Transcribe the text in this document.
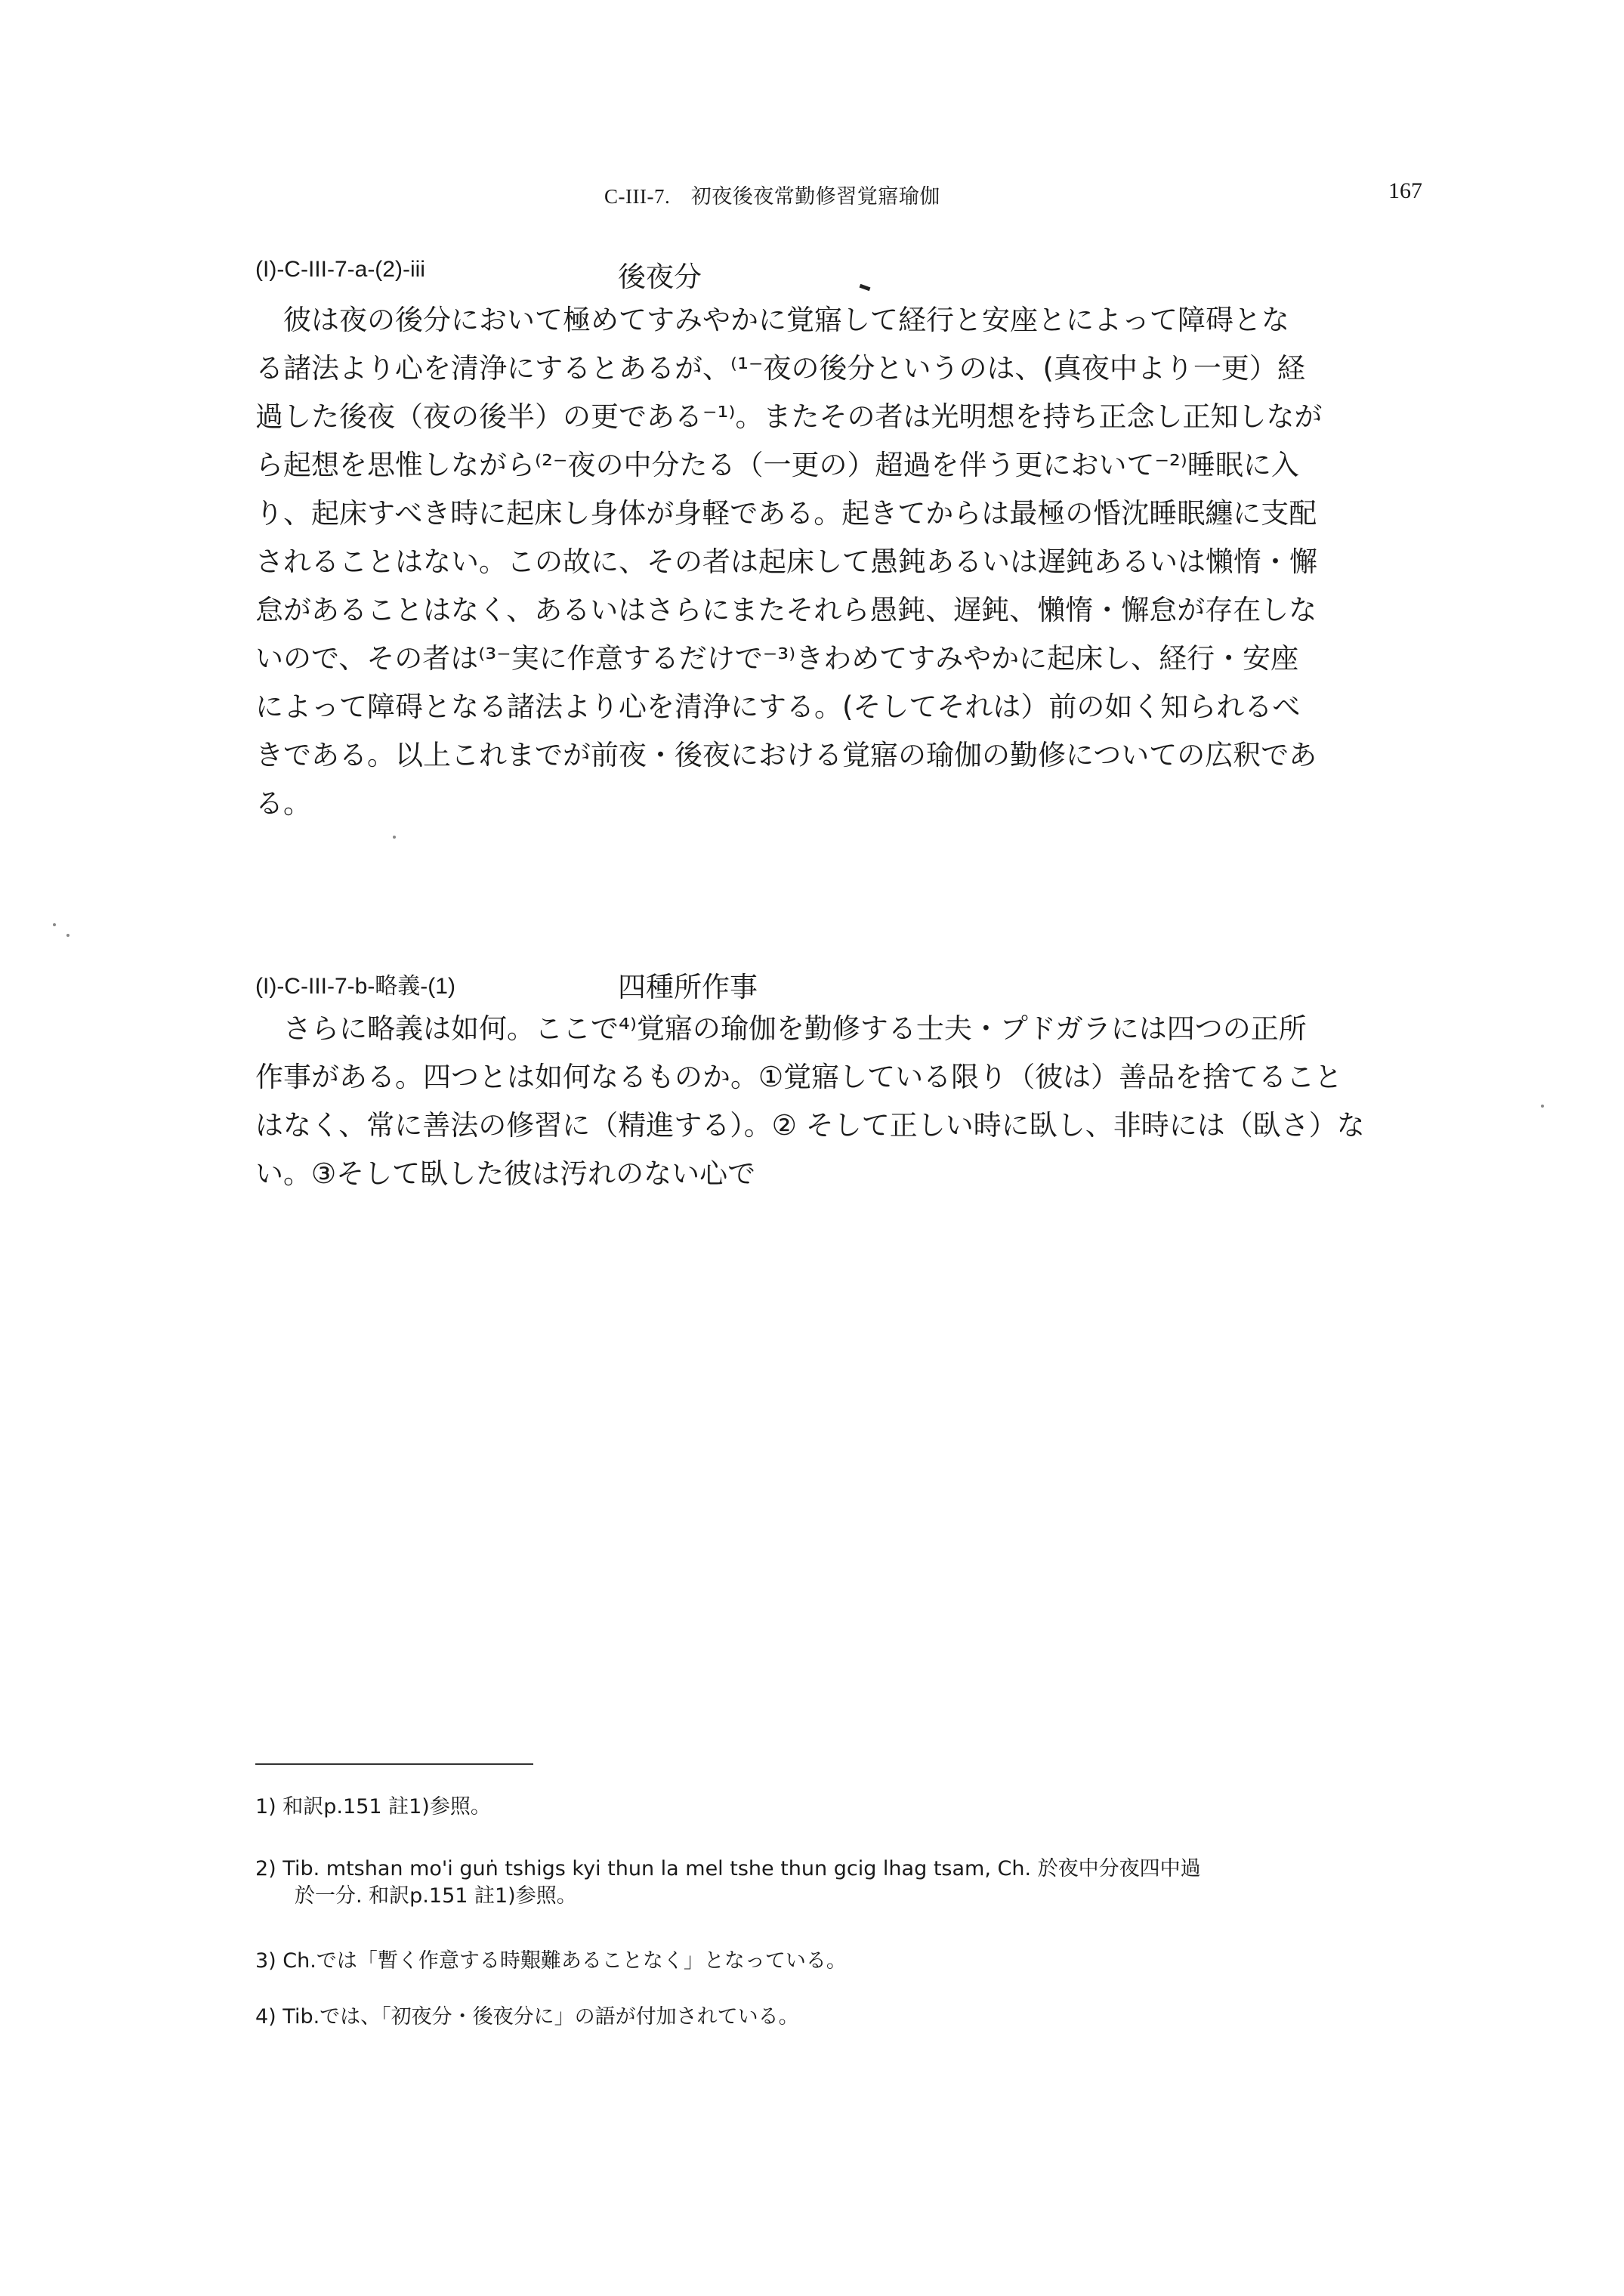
C-III-7.　初夜後夜常勤修習覚寤瑜伽	167
(I)-C-III-7-a-(2)-iii	後夜分
彼は夜の後分において極めてすみやかに覚寤して経行と安座とによって障碍とな
る諸法より心を清浄にするとあるが、⁽¹⁻夜の後分というのは、(真夜中より一更）経
過した後夜（夜の後半）の更である⁻¹⁾。またその者は光明想を持ち正念し正知しなが
ら起想を思惟しながら⁽²⁻夜の中分たる（一更の）超過を伴う更において⁻²⁾睡眠に入
り、起床すべき時に起床し身体が身軽である。起きてからは最極の惛沈睡眠纏に支配
されることはない。この故に、その者は起床して愚鈍あるいは遅鈍あるいは懶惰・懈
怠があることはなく、あるいはさらにまたそれら愚鈍、遅鈍、懶惰・懈怠が存在しな
いので、その者は⁽³⁻実に作意するだけで⁻³⁾きわめてすみやかに起床し、経行・安座
によって障碍となる諸法より心を清浄にする。(そしてそれは）前の如く知られるべ
きである。以上これまでが前夜・後夜における覚寤の瑜伽の勤修についての広釈であ
る。
(I)-C-III-7-b-略義-(1)	四種所作事
さらに略義は如何。ここで⁴⁾覚寤の瑜伽を勤修する士夫・プドガラには四つの正所
作事がある。四つとは如何なるものか。①覚寤している限り（彼は）善品を捨てること
はなく、常に善法の修習に（精進する）。② そして正しい時に臥し、非時には（臥さ）な
い。③そして臥した彼は汚れのない心で
1) 和訳p.151 註1)参照。
2) Tib. mtshan mo'i guṅ tshigs kyi thun la mel tshe thun gcig lhag tsam, Ch. 於夜中分夜四中過
於一分. 和訳p.151 註1)参照。
3) Ch.では「暫く作意する時艱難あることなく」となっている。
4) Tib.では、「初夜分・後夜分に」の語が付加されている。
